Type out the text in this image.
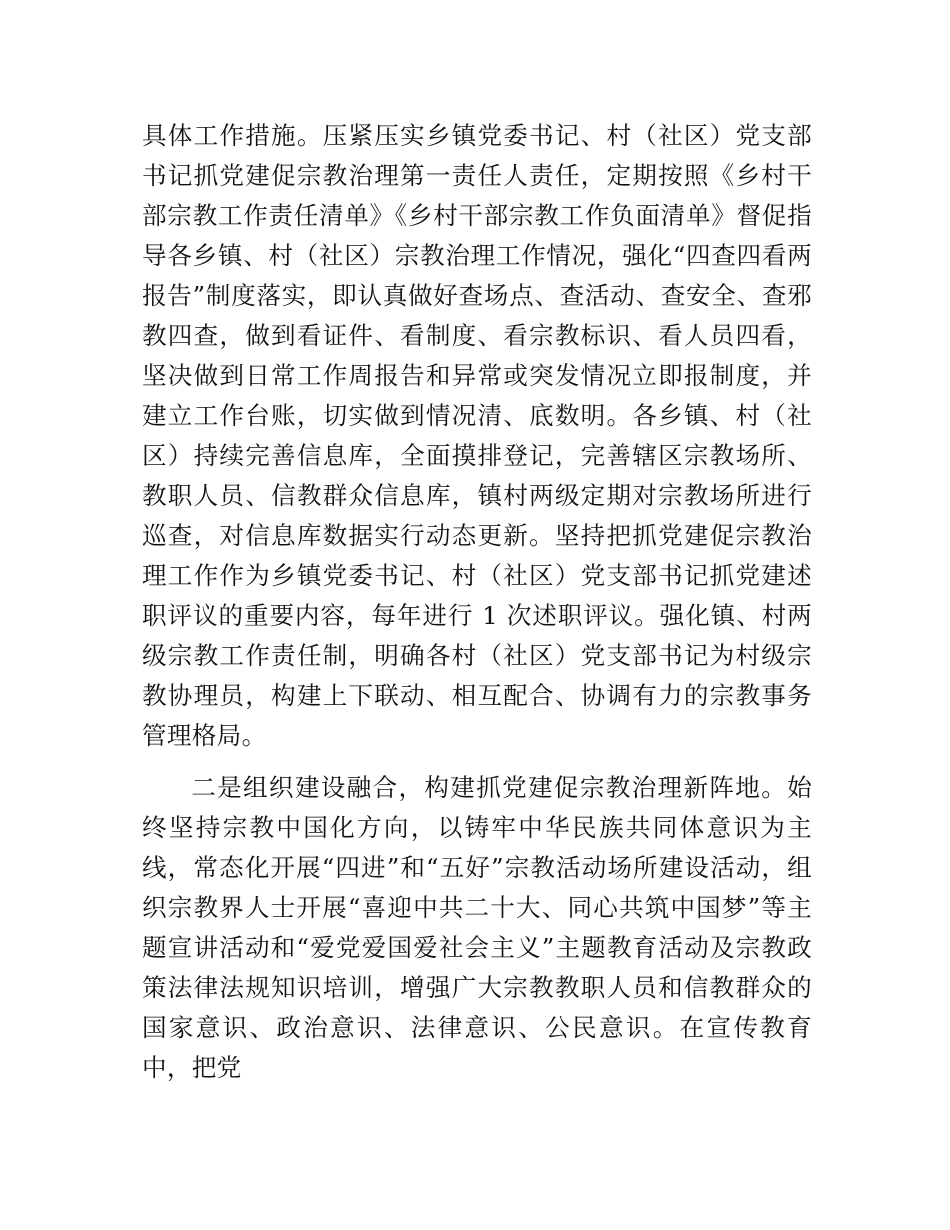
具体工作措施。压紧压实乡镇党委书记、村（社区）党支部书记抓党建促宗教治理第一责任人责任，定期按照《乡村干部宗教工作责任清单》《乡村干部宗教工作负面清单》督促指导各乡镇、村（社区）宗教治理工作情况，强化“四查四看两报告”制度落实，即认真做好查场点、查活动、查安全、查邪教四查，做到看证件、看制度、看宗教标识、看人员四看，坚决做到日常工作周报告和异常或突发情况立即报制度，并建立工作台账，切实做到情况清、底数明。各乡镇、村（社区）持续完善信息库，全面摸排登记，完善辖区宗教场所、教职人员、信教群众信息库，镇村两级定期对宗教场所进行巡查，对信息库数据实行动态更新。坚持把抓党建促宗教治理工作作为乡镇党委书记、村（社区）党支部书记抓党建述职评议的重要内容，每年进行 1 次述职评议。强化镇、村两级宗教工作责任制，明确各村（社区）党支部书记为村级宗教协理员，构建上下联动、相互配合、协调有力的宗教事务管理格局。

二是组织建设融合，构建抓党建促宗教治理新阵地。始终坚持宗教中国化方向，以铸牢中华民族共同体意识为主线，常态化开展“四进”和“五好”宗教活动场所建设活动，组织宗教界人士开展“喜迎中共二十大、同心共筑中国梦”等主题宣讲活动和“爱党爱国爱社会主义”主题教育活动及宗教政策法律法规知识培训，增强广大宗教教职人员和信教群众的国家意识、政治意识、法律意识、公民意识。在宣传教育中，把党
